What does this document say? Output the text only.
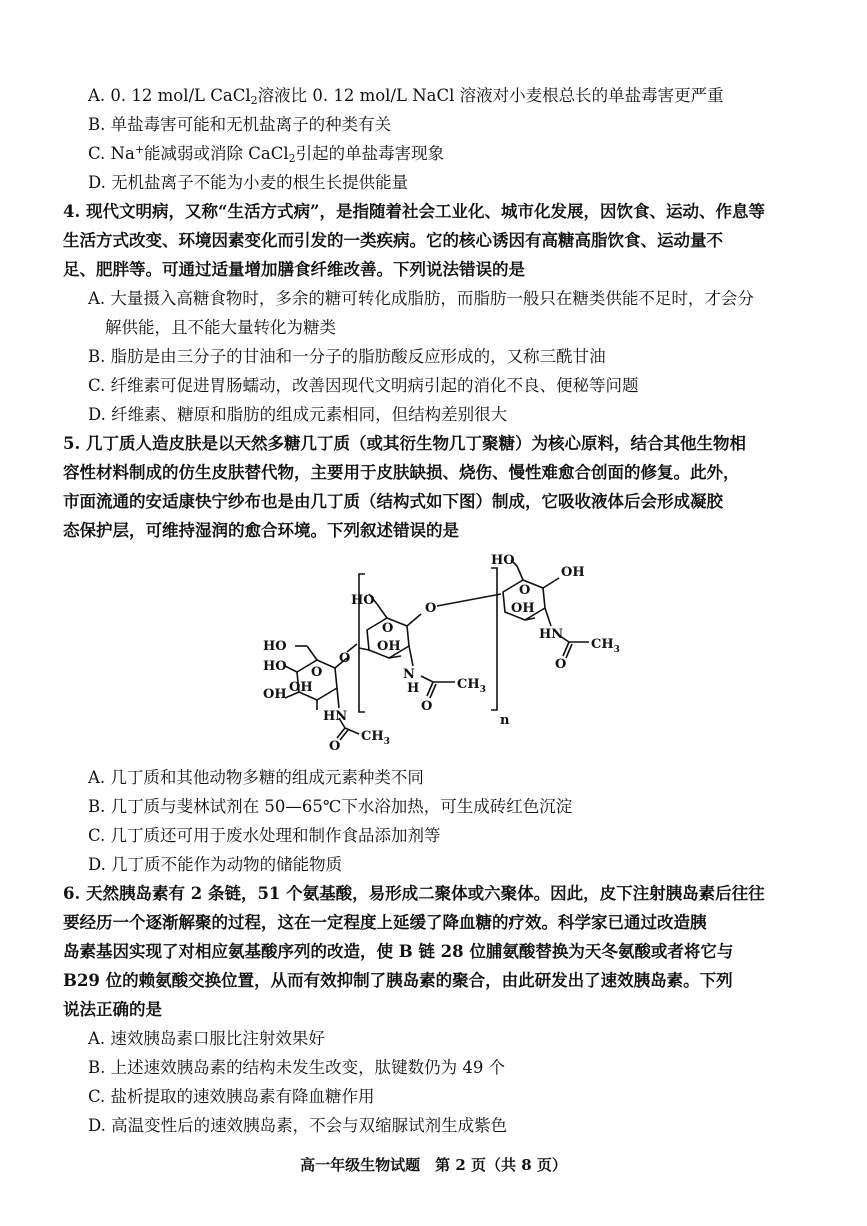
A. 0. 12 mol/L CaCl$_2$溶液比 0. 12 mol/L NaCl 溶液对小麦根总长的单盐毒害更严重
B. 单盐毒害可能和无机盐离子的种类有关
C. Na+能减弱或消除 CaCl$_2$引起的单盐毒害现象
D. 无机盐离子不能为小麦的根生长提供能量
4. 现代文明病，又称“生活方式病”，是指随着社会工业化、城市化发展，因饮食、运动、作息等
生活方式改变、环境因素变化而引发的一类疾病。它的核心诱因有高糖高脂饮食、运动量不
足、肥胖等。可通过适量增加膳食纤维改善。下列说法错误的是
A. 大量摄入高糖食物时，多余的糖可转化成脂肪，而脂肪一般只在糖类供能不足时，才会分
解供能，且不能大量转化为糖类
B. 脂肪是由三分子的甘油和一分子的脂肪酸反应形成的，又称三酰甘油
C. 纤维素可促进胃肠蠕动，改善因现代文明病引起的消化不良、便秘等问题
D. 纤维素、糖原和脂肪的组成元素相同，但结构差别很大
5. 几丁质人造皮肤是以天然多糖几丁质（或其衍生物几丁聚糖）为核心原料，结合其他生物相
容性材料制成的仿生皮肤替代物，主要用于皮肤缺损、烧伤、慢性难愈合创面的修复。此外，
市面流通的安适康快宁纱布也是由几丁质（结构式如下图）制成，它吸收液体后会形成凝胶
态保护层，可维持湿润的愈合环境。下列叙述错误的是
HO
HO
OH
O
OH
HN
O
$CH_3$
O
HO
O
OH
O
N
H
O
$CH_3$
n
HO
O
OH
OH
HN
O
$CH_3$
A. 几丁质和其他动物多糖的组成元素种类不同
B. 几丁质与斐林试剂在 50—65℃下水浴加热，可生成砖红色沉淀
C. 几丁质还可用于废水处理和制作食品添加剂等
D. 几丁质不能作为动物的储能物质
6. 天然胰岛素有 2 条链，51 个氨基酸，易形成二聚体或六聚体。因此，皮下注射胰岛素后往往
要经历一个逐渐解聚的过程，这在一定程度上延缓了降血糖的疗效。科学家已通过改造胰
岛素基因实现了对相应氨基酸序列的改造，使 B 链 28 位脯氨酸替换为天冬氨酸或者将它与
B29 位的赖氨酸交换位置，从而有效抑制了胰岛素的聚合，由此研发出了速效胰岛素。下列
说法正确的是
A. 速效胰岛素口服比注射效果好
B. 上述速效胰岛素的结构未发生改变，肽键数仍为 49 个
C. 盐析提取的速效胰岛素有降血糖作用
D. 高温变性后的速效胰岛素，不会与双缩脲试剂生成紫色
高一年级生物试题　第 2 页（共 8 页）
